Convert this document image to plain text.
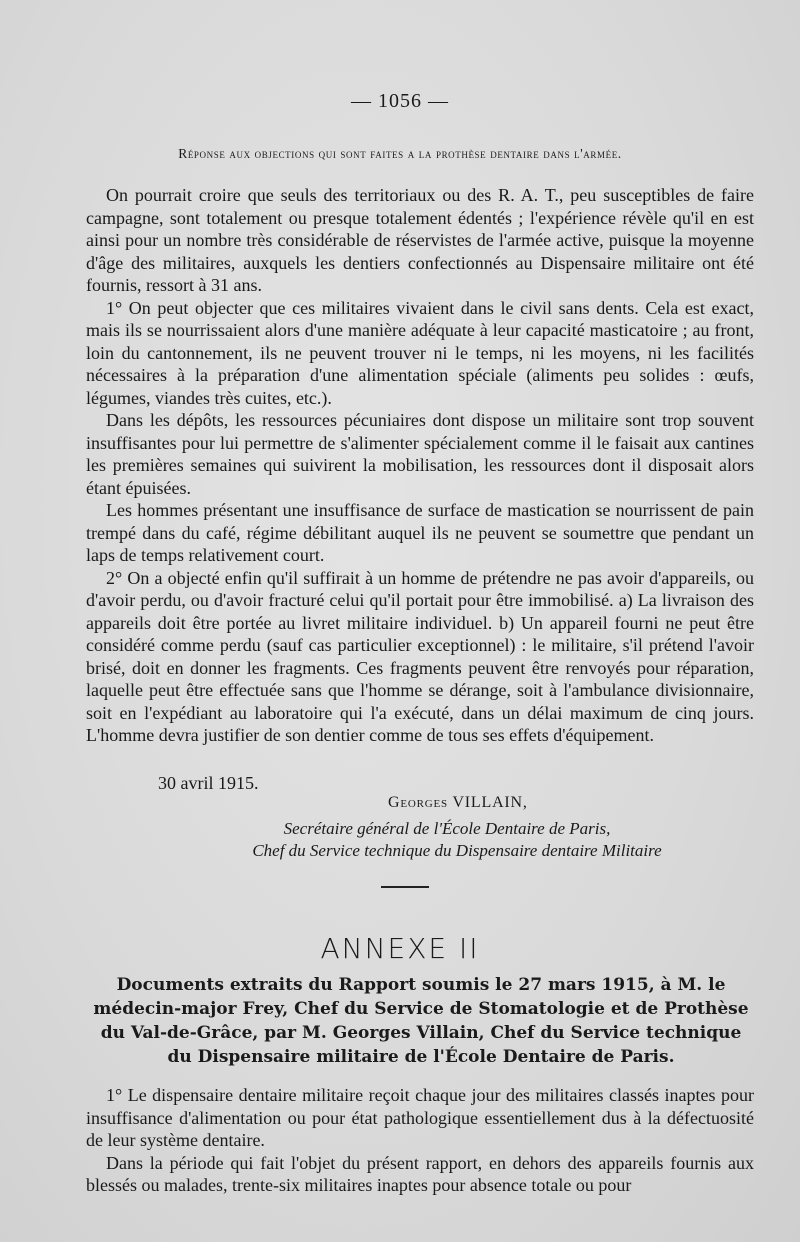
— 1056 —
Réponse aux objections qui sont faites a la prothèse dentaire dans l'armée.

On pourrait croire que seuls des territoriaux ou des R. A. T., peu susceptibles de faire campagne, sont totalement ou presque totalement édentés ; l'expérience révèle qu'il en est ainsi pour un nombre très considérable de réservistes de l'armée active, puisque la moyenne d'âge des militaires, auxquels les dentiers confectionnés au Dispensaire militaire ont été fournis, ressort à 31 ans.

1° On peut objecter que ces militaires vivaient dans le civil sans dents. Cela est exact, mais ils se nourrissaient alors d'une manière adéquate à leur capacité masticatoire ; au front, loin du cantonnement, ils ne peuvent trouver ni le temps, ni les moyens, ni les facilités nécessaires à la préparation d'une alimentation spéciale (aliments peu solides : œufs, légumes, viandes très cuites, etc.).

Dans les dépôts, les ressources pécuniaires dont dispose un militaire sont trop souvent insuffisantes pour lui permettre de s'alimenter spécialement comme il le faisait aux cantines les premières semaines qui suivirent la mobilisation, les ressources dont il disposait alors étant épuisées.

Les hommes présentant une insuffisance de surface de mastication se nourrissent de pain trempé dans du café, régime débilitant auquel ils ne peuvent se soumettre que pendant un laps de temps relativement court.

2° On a objecté enfin qu'il suffirait à un homme de prétendre ne pas avoir d'appareils, ou d'avoir perdu, ou d'avoir fracturé celui qu'il portait pour être immobilisé. a) La livraison des appareils doit être portée au livret militaire individuel. b) Un appareil fourni ne peut être considéré comme perdu (sauf cas particulier exceptionnel) : le militaire, s'il prétend l'avoir brisé, doit en donner les fragments. Ces fragments peuvent être renvoyés pour réparation, laquelle peut être effectuée sans que l'homme se dérange, soit à l'ambulance divisionnaire, soit en l'expédiant au laboratoire qui l'a exécuté, dans un délai maximum de cinq jours. L'homme devra justifier de son dentier comme de tous ses effets d'équipement.

30 avril 1915.
Georges VILLAIN,
Secrétaire général de l'École Dentaire de Paris,
Chef du Service technique du Dispensaire dentaire Militaire
ANNEXE II
Documents extraits du Rapport soumis le 27 mars 1915, à M. le médecin-major Frey, Chef du Service de Stomatologie et de Prothèse du Val-de-Grâce, par M. Georges Villain, Chef du Service technique du Dispensaire militaire de l'École Dentaire de Paris.

1° Le dispensaire dentaire militaire reçoit chaque jour des militaires classés inaptes pour insuffisance d'alimentation ou pour état pathologique essentiellement dus à la défectuosité de leur système dentaire.

Dans la période qui fait l'objet du présent rapport, en dehors des appareils fournis aux blessés ou malades, trente-six militaires inaptes pour absence totale ou pour
